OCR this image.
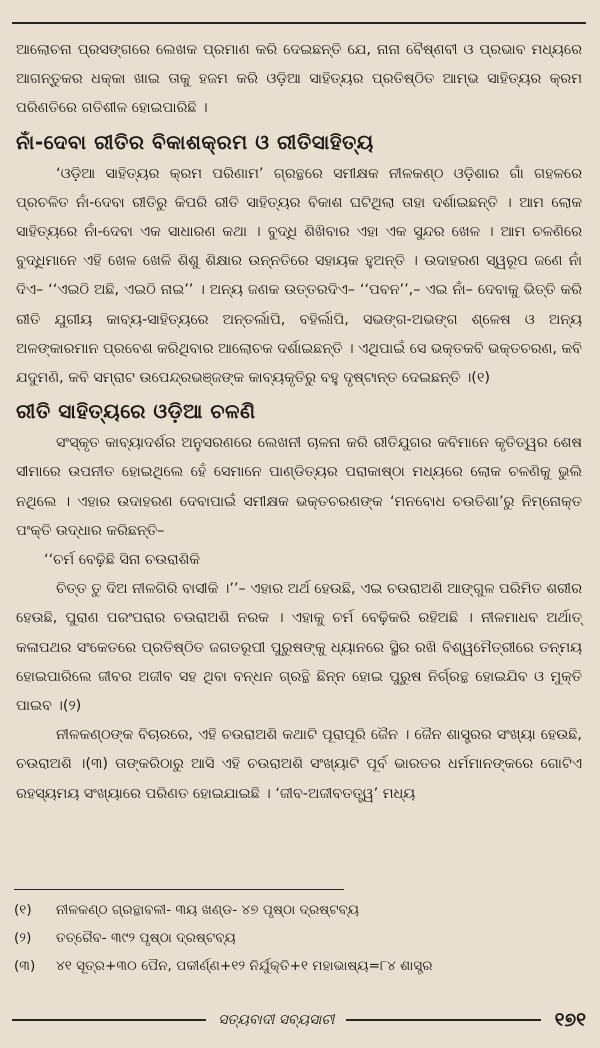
ଆଲୋଚନା ପ୍ରସଙ୍ଗରେ ଲେଖକ ପ୍ରମାଣ କରି ଦେଇଛନ୍ତି ଯେ, ନାନା ବୈଷ୍ଣବୀ ଓ ପ୍ରଭାବ ମଧ୍ୟରେ ଆଗନ୍ତୁକର ଧକ୍କା ଖାଇ ତାକୁ ହଜମ କରି ଓଡ଼ିଆ ସାହିତ୍ୟର ପ୍ରତିଷ୍ଠିତ ଆମ୍ଭ ସାହିତ୍ୟର କ୍ରମ ପରିଣତିରେ ଗତିଶୀଳ ହୋଇପାରିଛି ।

ନାଁ-ଦେବା ରୀତିର ବିକାଶକ୍ରମ ଓ ରୀତିସାହିତ୍ୟ

‘ଓଡ଼ିଆ ସାହିତ୍ୟର କ୍ରମ ପରିଣାମ’ ଗ୍ରନ୍ଥରେ ସମୀକ୍ଷକ ନୀଳକଣ୍ଠ ଓଡ଼ିଶାର ଗାଁ ଗହଳରେ ପ୍ରଚଳିତ ନାଁ-ଦେବା ରୀତିରୁ କିପରି ରୀତି ସାହିତ୍ୟର ବିକାଶ ଘଟିଥିଲା ତାହା ଦର୍ଶାଇଛନ୍ତି । ଆମ ଲୋକ ସାହିତ୍ୟରେ ନାଁ-ଦେବା ଏକ ସାଧାରଣ କଥା । ବୁଦ୍ଧି ଶିଖିବାର ଏହା ଏକ ସୁନ୍ଦର ଖେଳ । ଆମ ଚଳଣିରେ ବୁଦ୍ଧିମାନେ ଏହି ଖେଳ ଖେଳି ଶିଶୁ ଶିକ୍ଷାର ଉନ୍ନତିରେ ସହାୟକ ହୁଅନ୍ତି । ଉଦାହରଣ ସ୍ୱରୂପ ଜଣେ ନାଁ ଦିଏ– ‘‘ଏଇଠି ଅଛି, ଏଇଠି ନାଇ’’ । ଅନ୍ୟ ଜଣକ ଉତ୍ତରଦିଏ– ‘‘ପବନ’’,– ଏଇ ନାଁ– ଦେବାକୁ ଭିତ୍ତି କରି ରୀତି ଯୁଗୀୟ କାବ୍ୟ-ସାହିତ୍ୟରେ ଅନ୍ତର୍ଲାପି, ବହିର୍ଲାପି, ସଭଙ୍ଗ-ଅଭଙ୍ଗ ଶ୍ଳେଷ ଓ ଅନ୍ୟ ଅଳଙ୍କାରମାନ ପ୍ରବେଶ କରିଥିବାର ଆଲୋଚକ ଦର୍ଶାଇଛନ୍ତି । ଏଥିପାଇଁ ସେ ଭକ୍ତକବି ଭକ୍ତଚରଣ, କବି ଯଦୁମଣି, କବି ସମ୍ରାଟ ଉପେନ୍ଦ୍ରଭଞ୍ଜଙ୍କ କାବ୍ୟକୃତିରୁ ବହୁ ଦୃଷ୍ଟାନ୍ତ ଦେଇଛନ୍ତି ।(୧)

ରୀତି ସାହିତ୍ୟରେ ଓଡ଼ିଆ ଚଳଣି

ସଂସ୍କୃତ କାବ୍ୟାଦର୍ଶର ଅନୁସରଣରେ ଲେଖନୀ ଚାଳନା କରି ରୀତିଯୁଗର କବିମାନେ କୃତିତ୍ୱର ଶେଷ ସୀମାରେ ଉପନୀତ ହୋଇଥିଲେ ହେଁ ସେମାନେ ପାଣ୍ଡିତ୍ୟର ପରାକାଷ୍ଠା ମଧ୍ୟରେ ଲୋକ ଚଳଣିକୁ ଭୁଲି ନଥିଲେ । ଏହାର ଉଦାହରଣ ଦେବାପାଇଁ ସମୀକ୍ଷକ ଭକ୍ତଚରଣଙ୍କ ‘ମନବୋଧ ଚଉତିଶା’ରୁ ନିମ୍ନୋକ୍ତ ପଂକ୍ତି ଉଦ୍ଧାର କରିଛନ୍ତି–

‘‘ଚର୍ମ ବେଢ଼ିଛି ସିନା ଚଉରାଶିକି

ଚିତ୍ତ ତୁ ଦିଅ ନୀଳଗିରି ବାସୀକି ।’’– ଏହାର ଅର୍ଥ ହେଉଛି, ଏଇ ଚଉରାଅଶି ଆଙ୍ଗୁଳ ପରିମିତ ଶରୀର ହେଉଛି, ପୁରାଣ ପରଂପରାର ଚଉରାଅଶି ନରକ । ଏହାକୁ ଚର୍ମ ବେଢ଼ିକରି ରହିଅଛି । ନୀଳମାଧବ ଅର୍ଥାତ୍ କଳାପଥର ସଂକେତରେ ପ୍ରତିଷ୍ଠିତ ଜଗତରୂପୀ ପୁରୁଷଙ୍କୁ ଧ୍ୟାନରେ ସ୍ଥିର ରଖି ବିଶ୍ୱମୈତ୍ରୀରେ ତନ୍ମୟ ହୋଇପାରିଲେ ଜୀବର ଅଜୀବ ସହ ଥିବା ବନ୍ଧନ ଗ୍ରନ୍ଥି ଛିନ୍ନ ହୋଇ ପୁରୁଷ ନିର୍ଗ୍ରନ୍ଥ ହୋଇଯିବ ଓ ମୁକ୍ତି ପାଇବ ।(୨)

ନୀଳକଣ୍ଠଙ୍କ ବିଚାରରେ, ଏହି ଚଉରାଅଶି କଥାଟି ପୂରାପୂରି ଜୈନ । ଜୈନ ଶାସ୍ତ୍ରର ସଂଖ୍ୟା ହେଉଛି, ଚଉରାଅଶି ।(୩) ତାଙ୍କରିଠାରୁ ଆସି ଏହି ଚଉରାଅଶି ସଂଖ୍ୟାଟି ପୂର୍ବ ଭାରତର ଧର୍ମମାନଙ୍କରେ ଗୋଟିଏ ରହସ୍ୟମୟ ସଂଖ୍ୟାରେ ପରିଣତ ହୋଇଯାଇଛି । ‘ଜୀବ-ଅଜୀବତତ୍ତ୍ୱ’ ମଧ୍ୟ

(୧)	ନୀଳକଣ୍ଠ ଗ୍ରନ୍ଥାବଳୀ- ୩ୟ ଖଣ୍ଡ- ୪୭ ପୃଷ୍ଠା ଦ୍ରଷ୍ଟବ୍ୟ
(୨)	ତତ୍ରୈବ- ୩୯୨ ପୃଷ୍ଠା ଦ୍ରଷ୍ଟବ୍ୟ
(୩)	୪୧ ସୂତ୍ର+୩୦ ପୈନ, ପକୀର୍ଣ୍ଣ+୧୨ ନିର୍ଯୁକ୍ତି+୧ ମହାଭାଷ୍ୟ=୮୪ ଶାସ୍ତ୍ର
ସତ୍ୟବାଦୀ ସବ୍ୟସାଚୀ	୧୭୧
